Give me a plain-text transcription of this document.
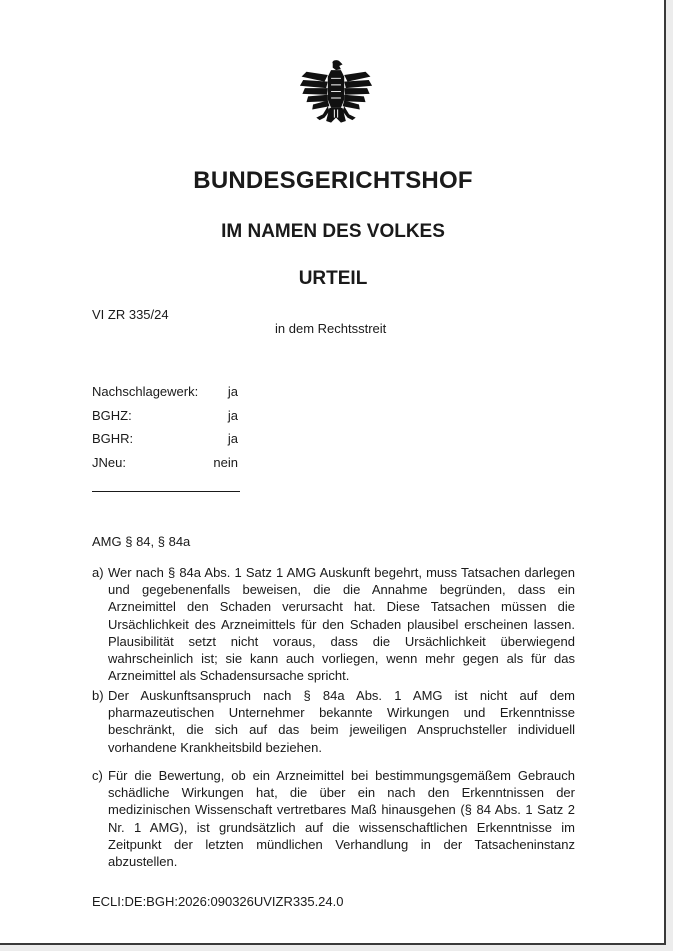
BUNDESGERICHTSHOF
IM NAMEN DES VOLKES
URTEIL
VI ZR 335/24
in dem Rechtsstreit
Nachschlagewerk: ja
BGHZ:	ja
BGHR:	ja
JNeu:	nein
AMG § 84, § 84a
a) Wer nach § 84a Abs. 1 Satz 1 AMG Auskunft begehrt, muss Tatsachen darlegen und gegebenenfalls beweisen, die die Annahme begründen, dass ein Arzneimittel den Schaden verursacht hat. Diese Tatsachen müssen die Ursächlichkeit des Arzneimittels für den Schaden plausibel erscheinen lassen. Plausibilität setzt nicht voraus, dass die Ursächlichkeit überwiegend wahrscheinlich ist; sie kann auch vorliegen, wenn mehr gegen als für das Arzneimittel als Schadensursache spricht.
b) Der Auskunftsanspruch nach § 84a Abs. 1 AMG ist nicht auf dem pharmazeutischen Unternehmer bekannte Wirkungen und Erkenntnisse beschränkt, die sich auf das beim jeweiligen Anspruchsteller individuell vorhandene Krankheitsbild beziehen.
c) Für die Bewertung, ob ein Arzneimittel bei bestimmungsgemäßem Gebrauch schädliche Wirkungen hat, die über ein nach den Erkenntnissen der medizinischen Wissenschaft vertretbares Maß hinausgehen (§ 84 Abs. 1 Satz 2 Nr. 1 AMG), ist grundsätzlich auf die wissenschaftlichen Erkenntnisse im Zeitpunkt der letzten mündlichen Verhandlung in der Tatsacheninstanz abzustellen.
ECLI:DE:BGH:2026:090326UVIZR335.24.0
